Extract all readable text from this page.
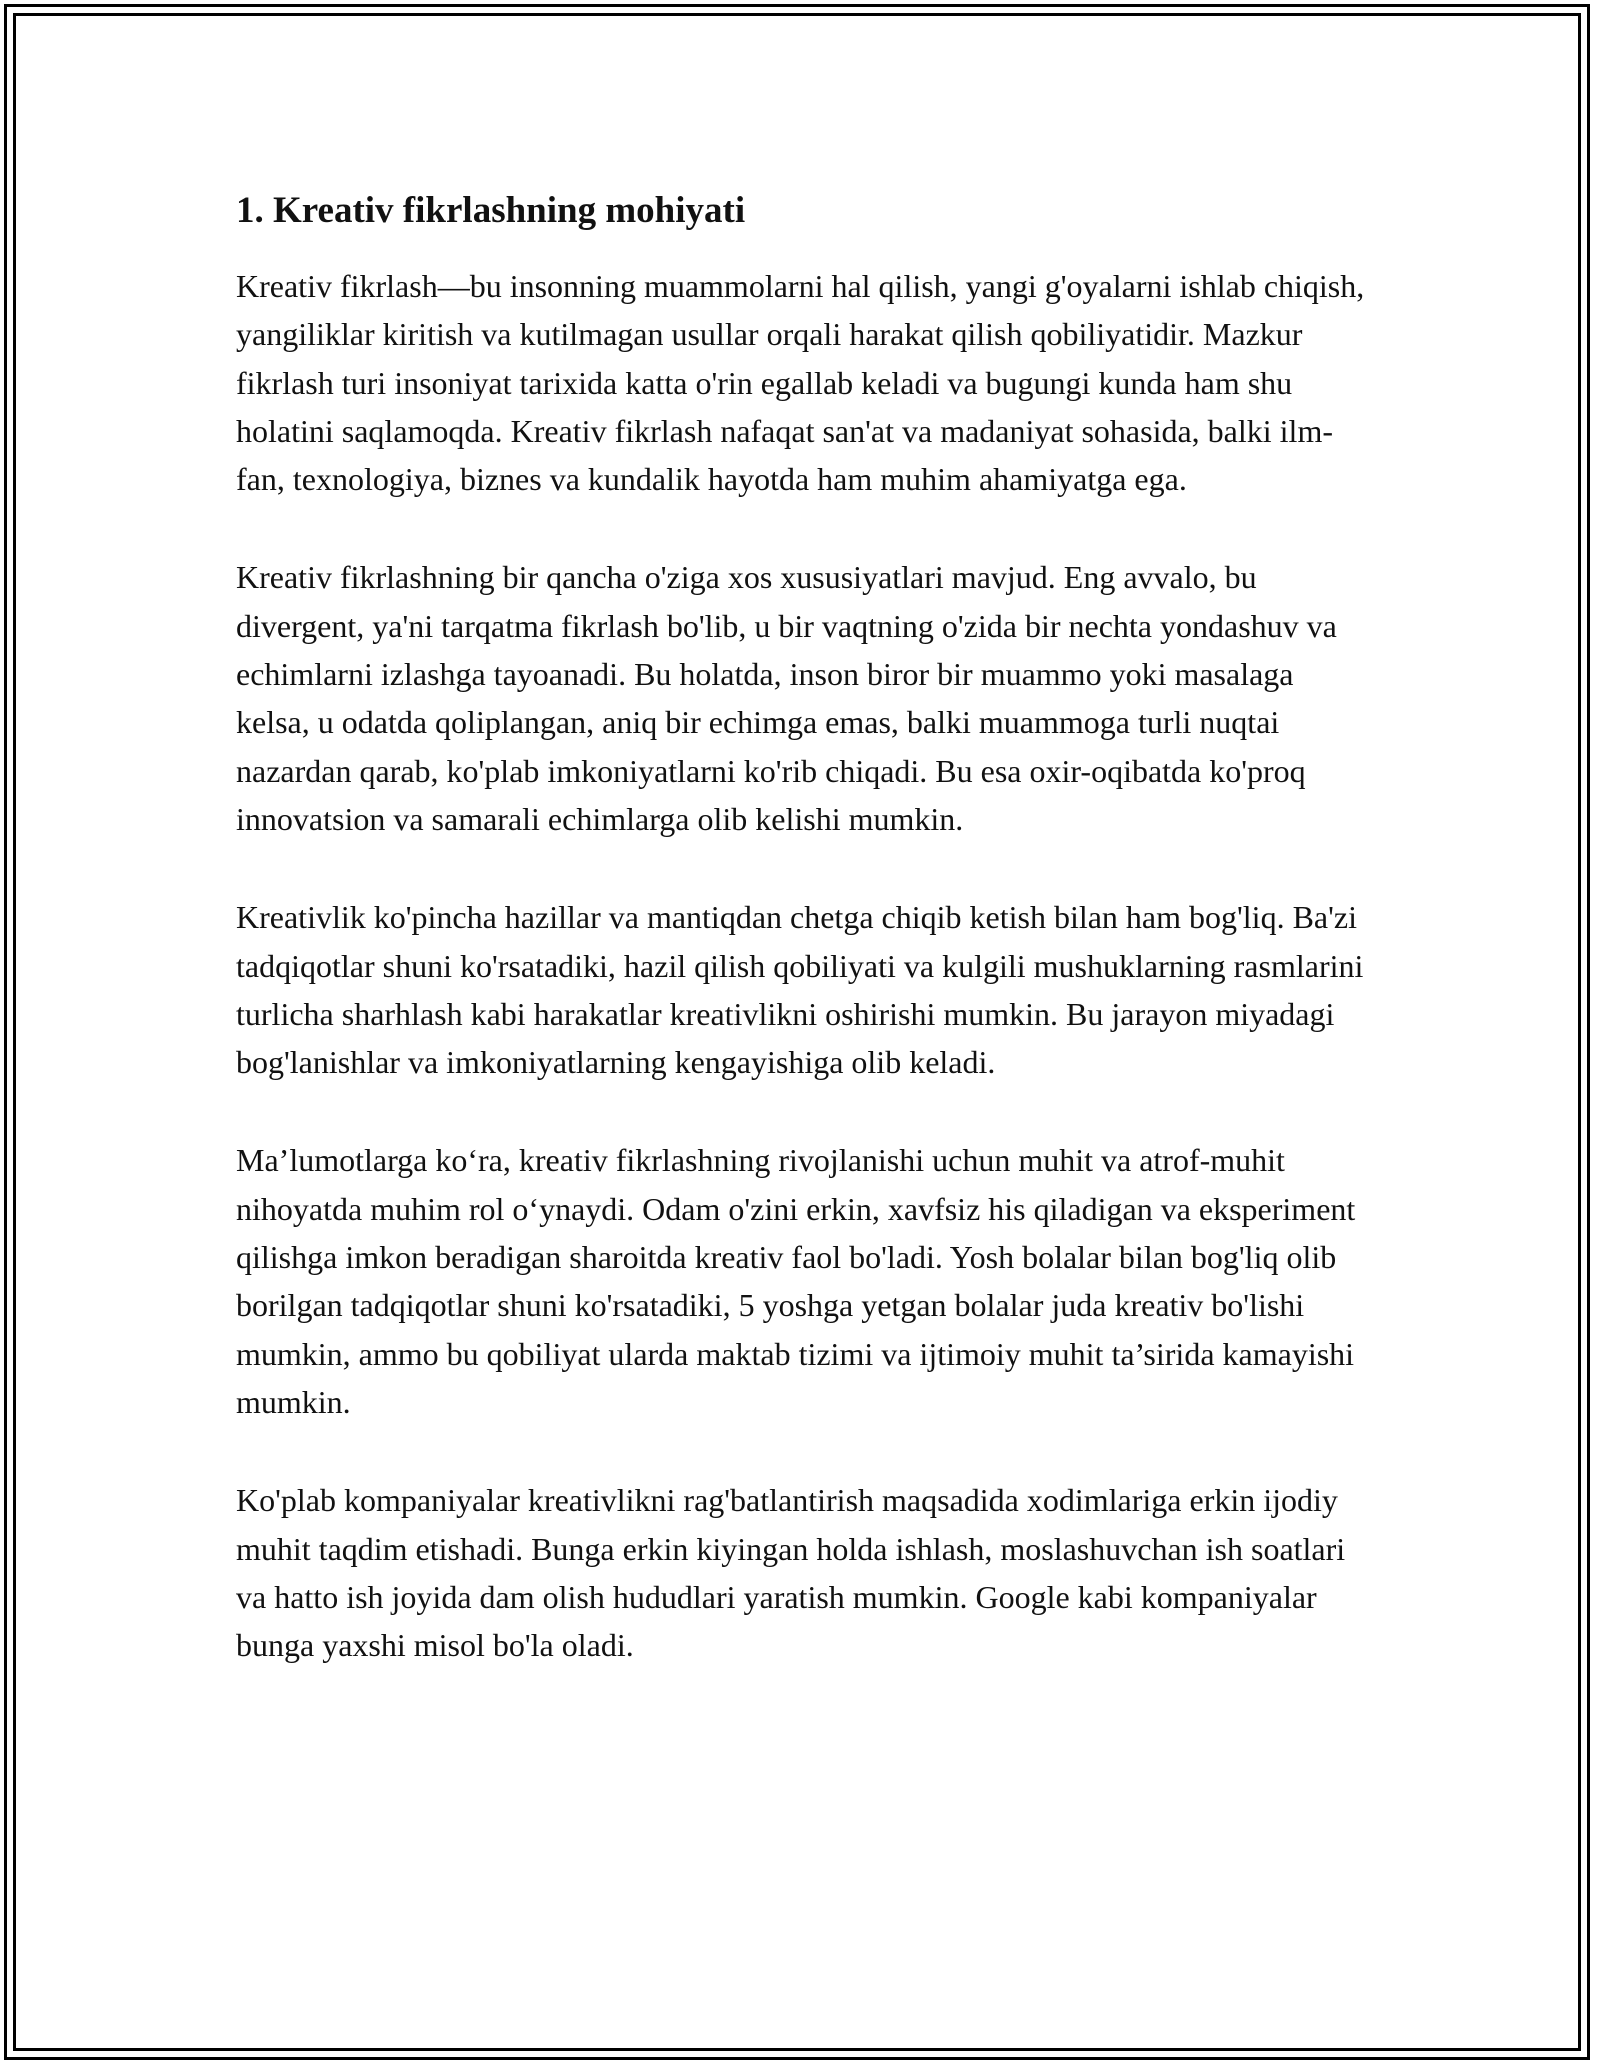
1. Kreativ fikrlashning mohiyati

Kreativ fikrlash—bu insonning muammolarni hal qilish, yangi g'oyalarni ishlab chiqish, yangiliklar kiritish va kutilmagan usullar orqali harakat qilish qobiliyatidir. Mazkur fikrlash turi insoniyat tarixida katta o'rin egallab keladi va bugungi kunda ham shu holatini saqlamoqda. Kreativ fikrlash nafaqat san'at va madaniyat sohasida, balki ilm-fan, texnologiya, biznes va kundalik hayotda ham muhim ahamiyatga ega.

Kreativ fikrlashning bir qancha o'ziga xos xususiyatlari mavjud. Eng avvalo, bu divergent, ya'ni tarqatma fikrlash bo'lib, u bir vaqtning o'zida bir nechta yondashuv va echimlarni izlashga tayoanadi. Bu holatda, inson biror bir muammo yoki masalaga kelsa, u odatda qoliplangan, aniq bir echimga emas, balki muammoga turli nuqtai nazardan qarab, ko'plab imkoniyatlarni ko'rib chiqadi. Bu esa oxir-oqibatda ko'proq innovatsion va samarali echimlarga olib kelishi mumkin.

Kreativlik ko'pincha hazillar va mantiqdan chetga chiqib ketish bilan ham bog'liq. Ba'zi tadqiqotlar shuni ko'rsatadiki, hazil qilish qobiliyati va kulgili mushuklarning rasmlarini turlicha sharhlash kabi harakatlar kreativlikni oshirishi mumkin. Bu jarayon miyadagi bog'lanishlar va imkoniyatlarning kengayishiga olib keladi.

Ma’lumotlarga ko‘ra, kreativ fikrlashning rivojlanishi uchun muhit va atrof-muhit nihoyatda muhim rol o‘ynaydi. Odam o'zini erkin, xavfsiz his qiladigan va eksperiment qilishga imkon beradigan sharoitda kreativ faol bo'ladi. Yosh bolalar bilan bog'liq olib borilgan tadqiqotlar shuni ko'rsatadiki, 5 yoshga yetgan bolalar juda kreativ bo'lishi mumkin, ammo bu qobiliyat ularda maktab tizimi va ijtimoiy muhit ta’sirida kamayishi mumkin.

Ko'plab kompaniyalar kreativlikni rag'batlantirish maqsadida xodimlariga erkin ijodiy muhit taqdim etishadi. Bunga erkin kiyingan holda ishlash, moslashuvchan ish soatlari va hatto ish joyida dam olish hududlari yaratish mumkin. Google kabi kompaniyalar bunga yaxshi misol bo'la oladi.
